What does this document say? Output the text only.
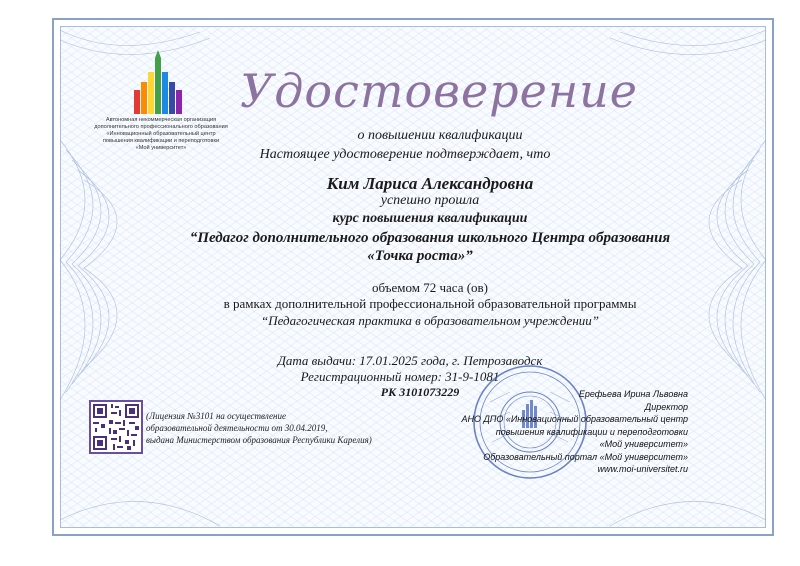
Автономная некоммерческая организация
дополнительного профессионального образования
«Инновационный образовательный центр
повышения квалификации и переподготовки
«Мой университет»
Удостоверение
о повышении квалификации
Настоящее удостоверение подтверждает, что
Ким Лариса Александровна
успешно прошла
курс повышения квалификации
“Педагог дополнительного образования школьного Центра образования
«Точка роста»”
объемом 72 часа (ов)
в рамках дополнительной профессиональной образовательной программы
“Педагогическая практика в образовательном учреждении”
Дата выдачи: 17.01.2025 года, г. Петрозаводск
Регистрационный номер: 31-9-1081
РК 3101073229
(Лицензия №3101 на осуществление
образовательной деятельности от 30.04.2019,
выдана Министерством образования Республики Карелия)
Ерефьева Ирина Львовна
Директор
АНО ДПО «Инновационный образовательный центр
повышения квалификации и переподготовки
«Мой университет»
Образовательный портал «Мой университет»
www.moi-universitet.ru
